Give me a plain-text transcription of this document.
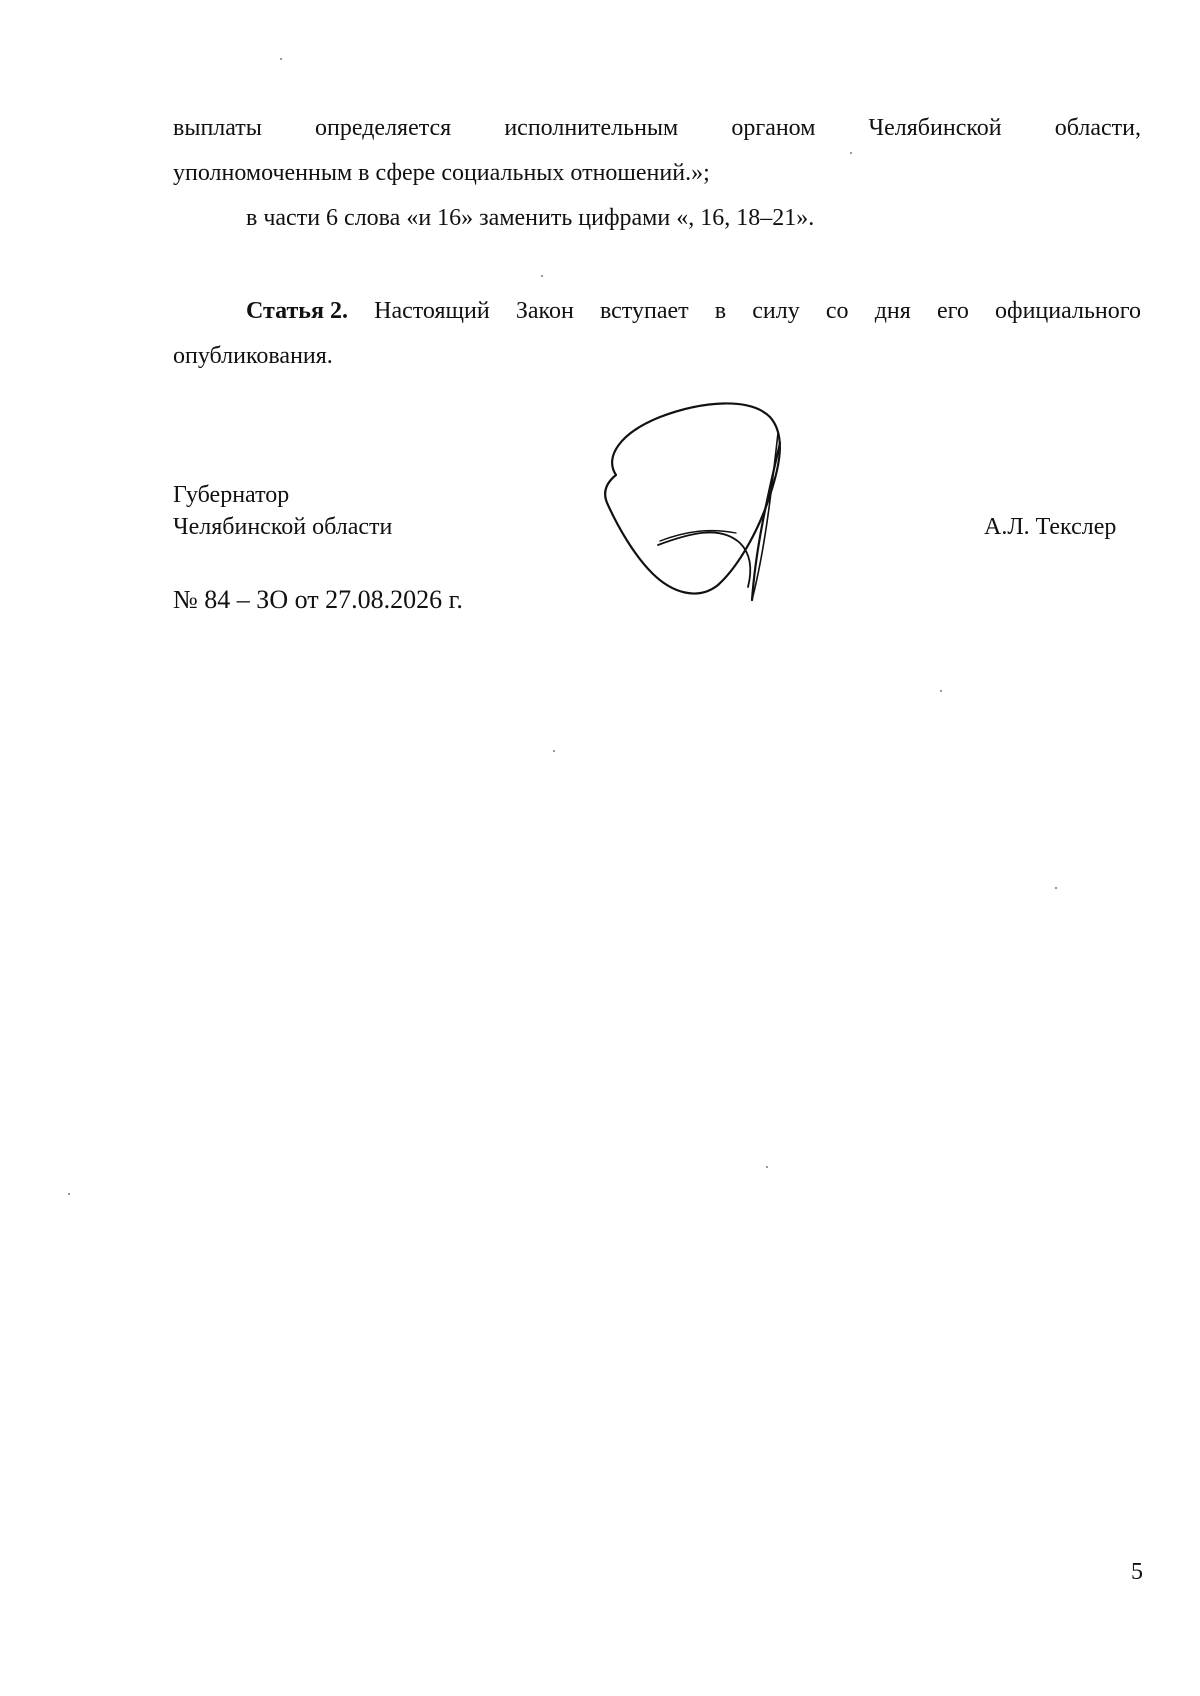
выплаты определяется исполнительным органом Челябинской области,
уполномоченным в сфере социальных отношений.»;
в части 6 слова «и 16» заменить цифрами «, 16, 18–21».
Статья 2. Настоящий Закон вступает в силу со дня его официального
опубликования.
Губернатор
Челябинской области	А.Л. Текслер
№ 84 – ЗО от 27.08.2026 г.
5
